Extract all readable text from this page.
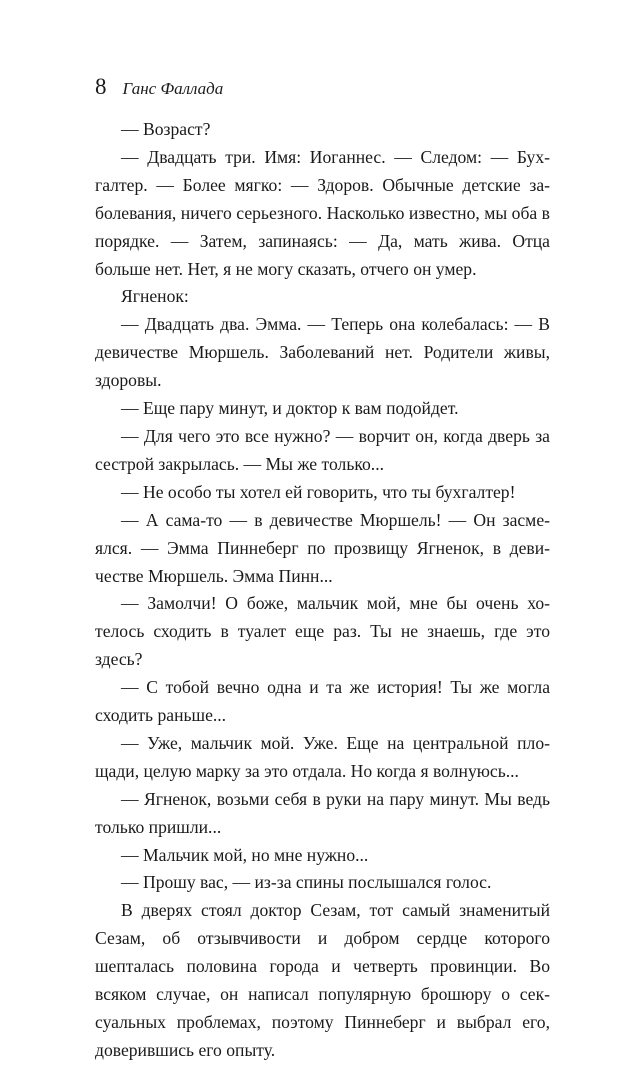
8 Ганс Фаллада

— Возраст?

— Двадцать три. Имя: Иоганнес. — Следом: — Бухгалтер. — Более мягко: — Здоров. Обычные детские заболевания, ничего серьезного. Насколько известно, мы оба в порядке. — Затем, запинаясь: — Да, мать жива. Отца больше нет. Нет, я не могу сказать, отчего он умер.

Ягненок:

— Двадцать два. Эмма. — Теперь она колебалась: — В девичестве Мюршель. Заболеваний нет. Родители живы, здоровы.

— Еще пару минут, и доктор к вам подойдет.

— Для чего это все нужно? — ворчит он, когда дверь за сестрой закрылась. — Мы же только...

— Не особо ты хотел ей говорить, что ты бухгалтер!

— А сама-то — в девичестве Мюршель! — Он засмеялся. — Эмма Пиннеберг по прозвищу Ягненок, в девичестве Мюршель. Эмма Пинн...

— Замолчи! О боже, мальчик мой, мне бы очень хотелось сходить в туалет еще раз. Ты не знаешь, где это здесь?

— С тобой вечно одна и та же история! Ты же могла сходить раньше...

— Уже, мальчик мой. Уже. Еще на центральной площади, целую марку за это отдала. Но когда я волнуюсь...

— Ягненок, возьми себя в руки на пару минут. Мы ведь только пришли...

— Мальчик мой, но мне нужно...

— Прошу вас, — из-за спины послышался голос.

В дверях стоял доктор Сезам, тот самый знаменитый Сезам, об отзывчивости и добром сердце которого шепталась половина города и четверть провинции. Во всяком случае, он написал популярную брошюру о сексуальных проблемах, поэтому Пиннеберг и выбрал его, доверившись его опыту.
